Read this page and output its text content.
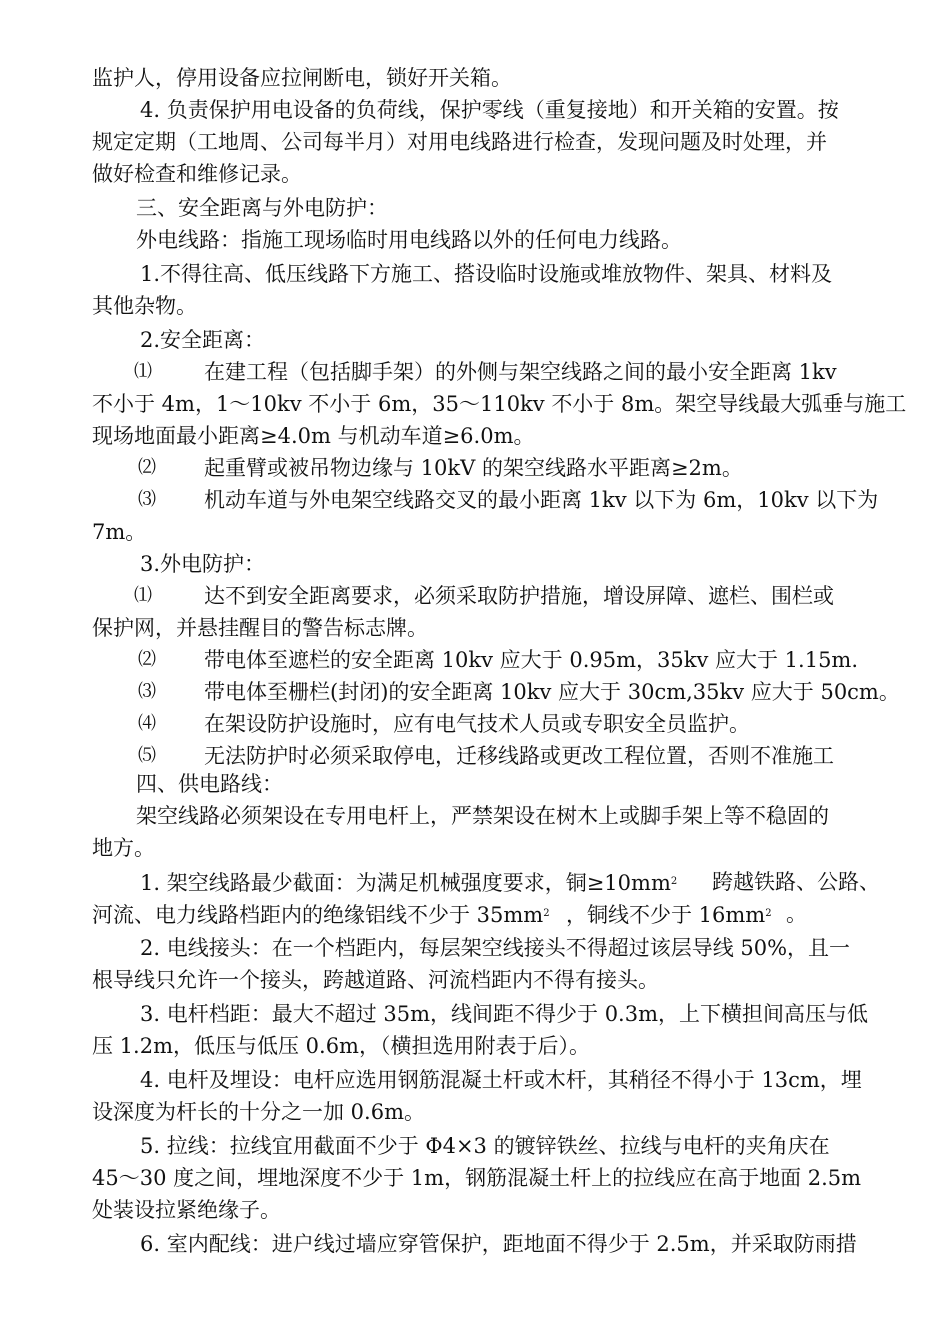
监护人，停用设备应拉闸断电，锁好开关箱。
4. 负责保护用电设备的负荷线，保护零线（重复接地）和开关箱的安置。按
规定定期（工地周、公司每半月）对用电线路进行检查，发现问题及时处理，并
做好检查和维修记录。
三、安全距离与外电防护：
外电线路：指施工现场临时用电线路以外的任何电力线路。
1.不得往高、低压线路下方施工、搭设临时设施或堆放物件、架具、材料及
其他杂物。
2.安全距离：
⑴ 在建工程（包括脚手架）的外侧与架空线路之间的最小安全距离 1kv
不小于 4m，1～10kv 不小于 6m，35～110kv 不小于 8m。架空导线最大弧垂与施工
现场地面最小距离≥4.0m 与机动车道≥6.0m。
⑵ 起重臂或被吊物边缘与 10kV 的架空线路水平距离≥2m。
⑶ 机动车道与外电架空线路交叉的最小距离 1kv 以下为 6m，10kv 以下为
7m。
3.外电防护：
⑴ 达不到安全距离要求，必须采取防护措施，增设屏障、遮栏、围栏或
保护网，并悬挂醒目的警告标志牌。
⑵ 带电体至遮栏的安全距离 10kv 应大于 0.95m，35kv 应大于 1.15m.
⑶ 带电体至栅栏(封闭)的安全距离 10kv 应大于 30cm,35kv 应大于 50cm。
⑷ 在架设防护设施时，应有电气技术人员或专职安全员监护。
⑸ 无法防护时必须采取停电，迁移线路或更改工程位置，否则不准施工
四、供电路线：
架空线路必须架设在专用电杆上，严禁架设在树木上或脚手架上等不稳固的
地方。
1. 架空线路最少截面：为满足机械强度要求，铜$\ge 10mm^2$ 跨越铁路、公路、
河流、电力线路档距内的绝缘铝线不少于 $35mm^2$ ，铜线不少于 $16mm^2$ 。
2. 电线接头：在一个档距内，每层架空线接头不得超过该层导线 50%，且一
根导线只允许一个接头，跨越道路、河流档距内不得有接头。
3. 电杆档距：最大不超过 35m，线间距不得少于 0.3m，上下横担间高压与低
压 1.2m，低压与低压 0.6m，（横担选用附表于后）。
4. 电杆及埋设：电杆应选用钢筋混凝土杆或木杆，其稍径不得小于 13cm，埋
设深度为杆长的十分之一加 0.6m。
5. 拉线：拉线宜用截面不少于 Φ4×3 的镀锌铁丝、拉线与电杆的夹角庆在
45～30 度之间，埋地深度不少于 1m，钢筋混凝土杆上的拉线应在高于地面 2.5m
处装设拉紧绝缘子。
6. 室内配线：进户线过墙应穿管保护，距地面不得少于 2.5m，并采取防雨措
